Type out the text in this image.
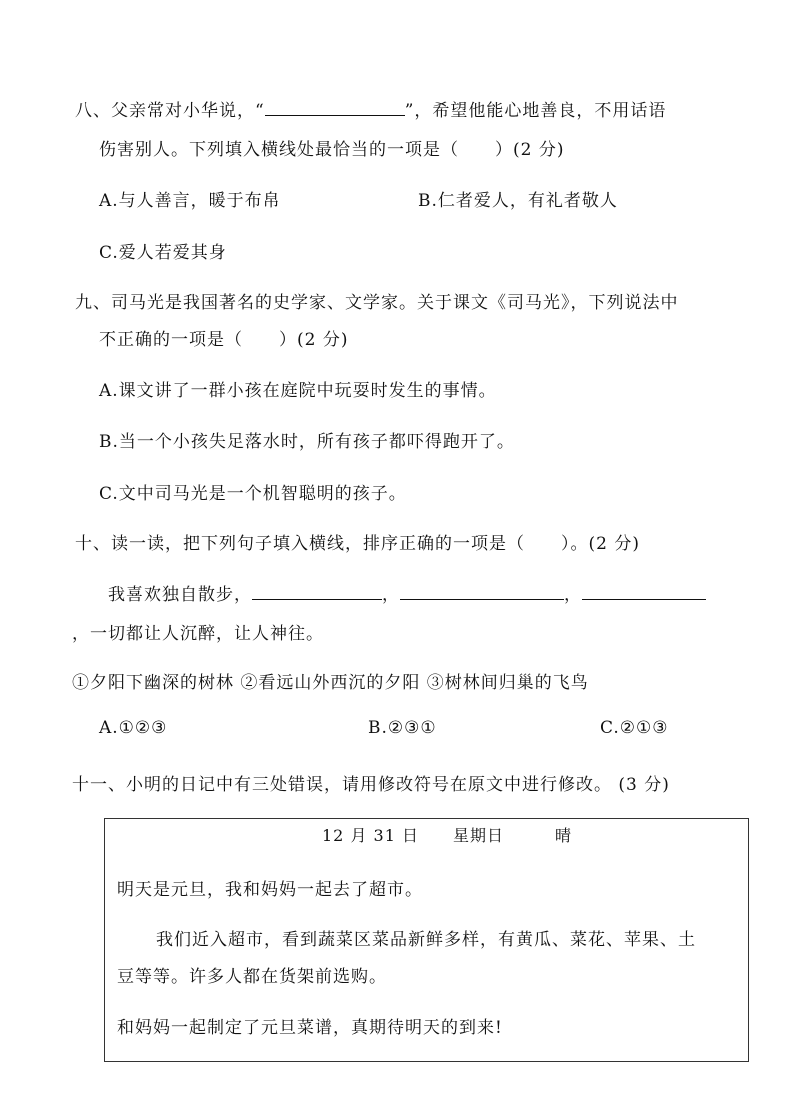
八、父亲常对小华说，“	”，希望他能心地善良，不用话语
伤害别人。下列填入横线处最恰当的一项是（　　）(2 分)
A.与人善言，暖于布帛	B.仁者爱人，有礼者敬人
C.爱人若爱其身
九、司马光是我国著名的史学家、文学家。关于课文《司马光》，下列说法中
不正确的一项是（　　）(2 分)
A.课文讲了一群小孩在庭院中玩耍时发生的事情。
B.当一个小孩失足落水时，所有孩子都吓得跑开了。
C.文中司马光是一个机智聪明的孩子。
十、读一读，把下列句子填入横线，排序正确的一项是（　　）。(2 分)
我喜欢独自散步，	，	，
，一切都让人沉醉，让人神往。
①夕阳下幽深的树林 ②看远山外西沉的夕阳 ③树林间归巢的飞鸟
A.①②③	B.②③①	C.②①③
十一、小明的日记中有三处错误，请用修改符号在原文中进行修改。 (3 分)
12 月 31 日　　星期日　　　晴
明天是元旦，我和妈妈一起去了超市。
我们近入超市，看到蔬菜区菜品新鲜多样，有黄瓜、菜花、苹果、土
豆等等。许多人都在货架前选购。
和妈妈一起制定了元旦菜谱，真期待明天的到来!
